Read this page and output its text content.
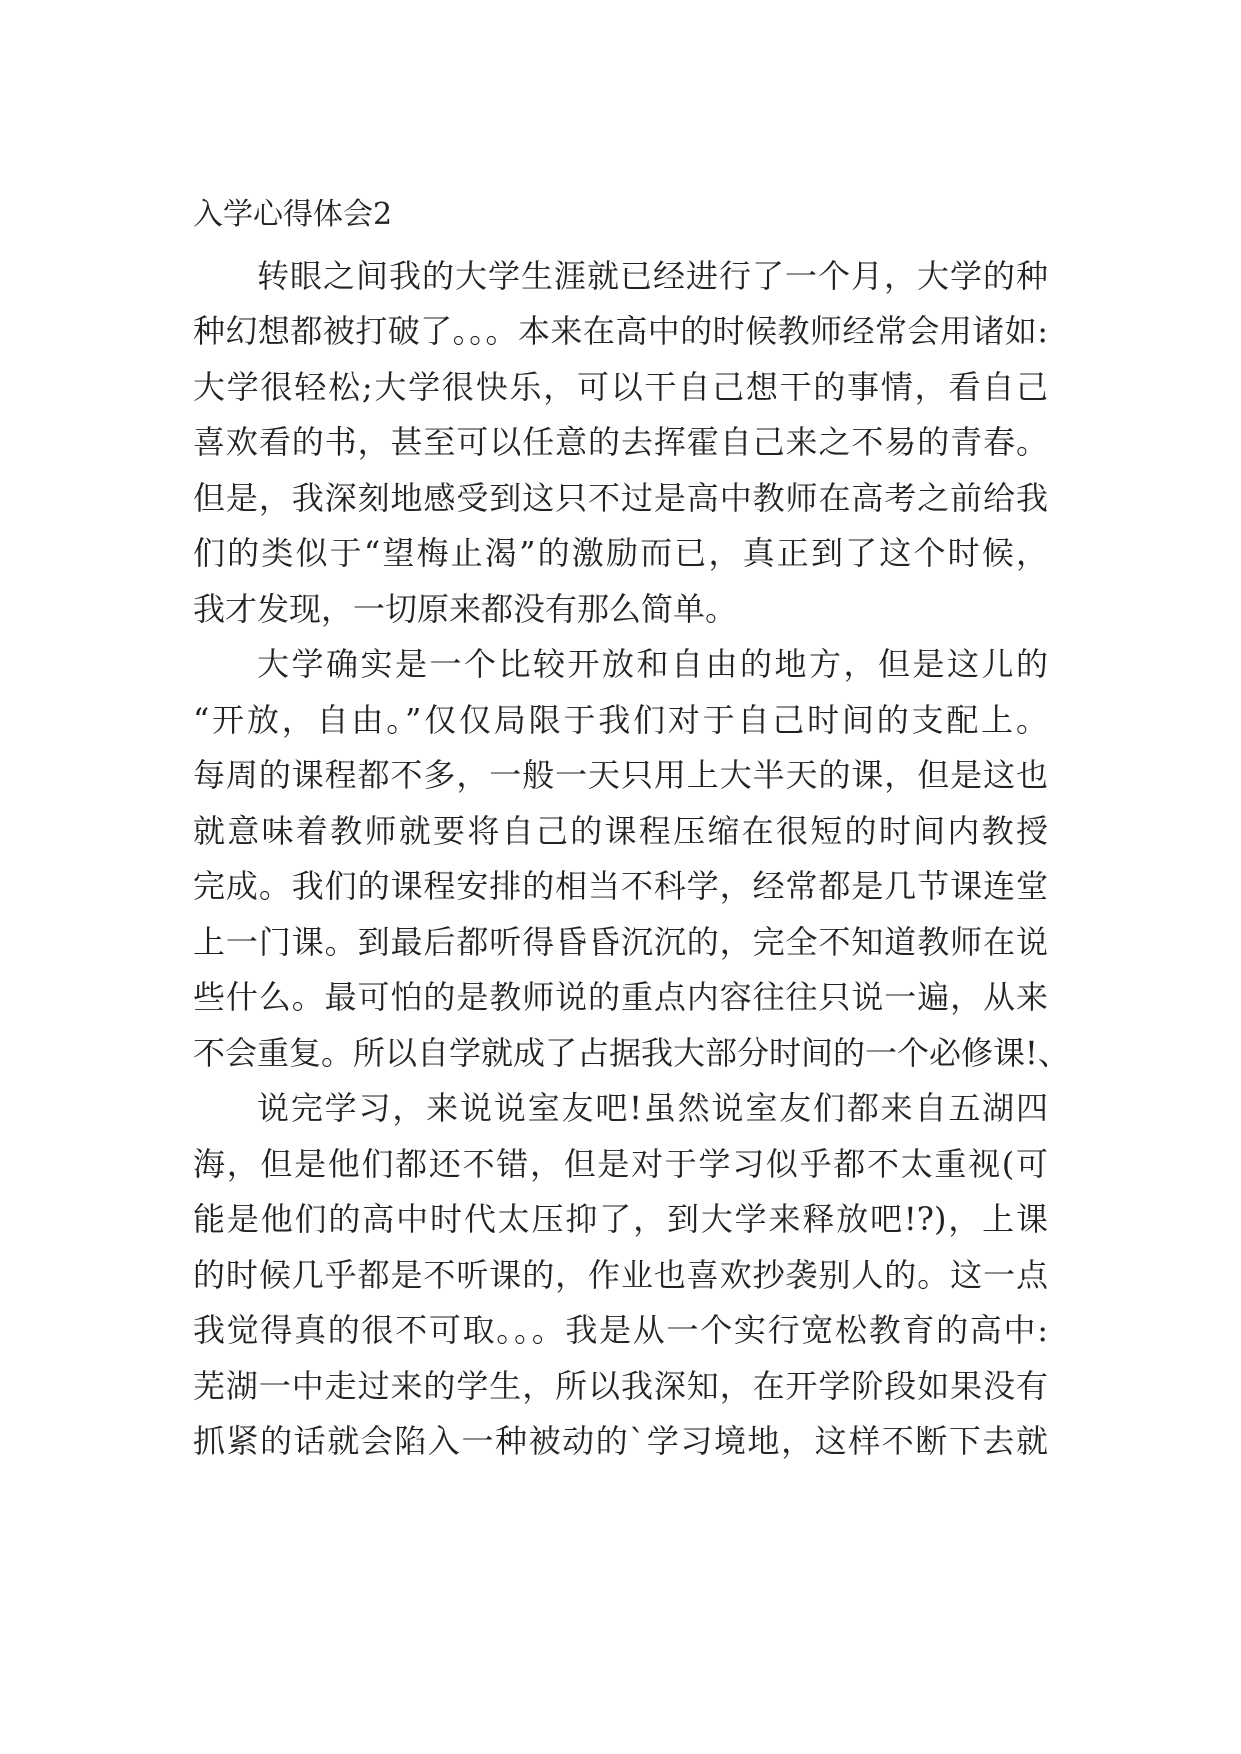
入学心得体会2
转眼之间我的大学生涯就已经进行了一个月，大学的种
种幻想都被打破了。。。本来在高中的时候教师经常会用诸如:
大学很轻松;大学很快乐，可以干自己想干的事情，看自己
喜欢看的书，甚至可以任意的去挥霍自己来之不易的青春。
但是，我深刻地感受到这只不过是高中教师在高考之前给我
们的类似于“望梅止渴”的激励而已，真正到了这个时候，
我才发现，一切原来都没有那么简单。
大学确实是一个比较开放和自由的地方，但是这儿的
“开放，自由。”仅仅局限于我们对于自己时间的支配上。
每周的课程都不多，一般一天只用上大半天的课，但是这也
就意味着教师就要将自己的课程压缩在很短的时间内教授
完成。我们的课程安排的相当不科学，经常都是几节课连堂
上一门课。到最后都听得昏昏沉沉的，完全不知道教师在说
些什么。最可怕的是教师说的重点内容往往只说一遍，从来
不会重复。所以自学就成了占据我大部分时间的一个必修课!、
说完学习，来说说室友吧!虽然说室友们都来自五湖四
海，但是他们都还不错，但是对于学习似乎都不太重视(可
能是他们的高中时代太压抑了，到大学来释放吧!?)，上课
的时候几乎都是不听课的，作业也喜欢抄袭别人的。这一点
我觉得真的很不可取。。。我是从一个实行宽松教育的高中:
芜湖一中走过来的学生，所以我深知，在开学阶段如果没有
抓紧的话就会陷入一种被动的`学习境地，这样不断下去就
